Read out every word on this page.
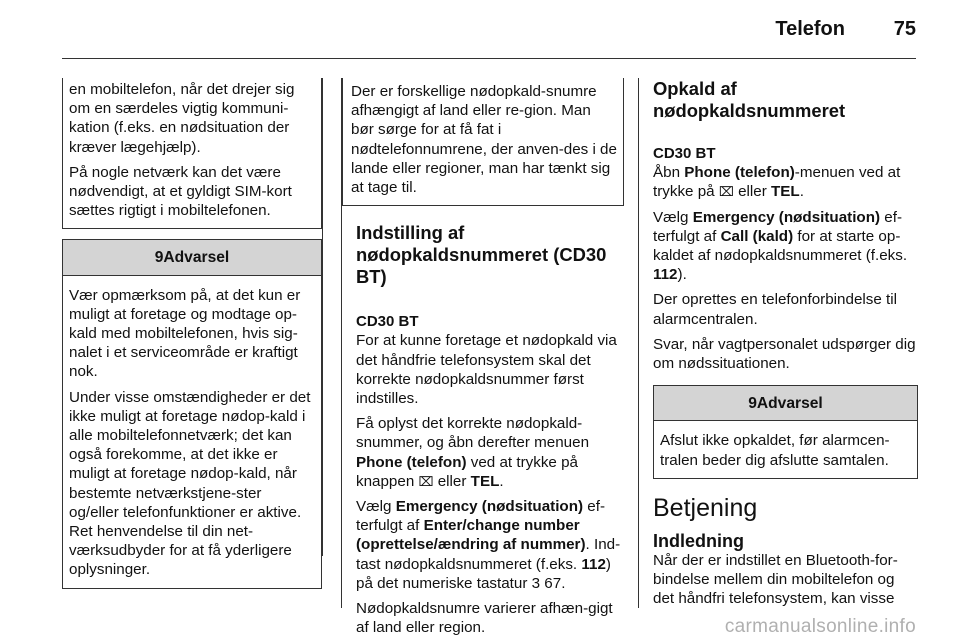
Telefon 75

en mobiltelefon, når det drejer sig
om en særdeles vigtig kommuni-
kation (f.eks. en nødsituation der
kræver lægehjælp).

På nogle netværk kan det være nødvendigt, at et gyldigt SIM-kort sættes rigtigt i mobiltelefonen.

9Advarsel

Vær opmærksom på, at det kun er muligt at foretage og modtage op-kald med mobiltelefonen, hvis sig-nalet i et serviceområde er kraftigt nok.

Under visse omstændigheder er det ikke muligt at foretage nødop-kald i alle mobiltelefonnetværk; det kan også forekomme, at det ikke er muligt at foretage nødop-kald, når bestemte netværkstjene-ster og/eller telefonfunktioner er aktive. Ret henvendelse til din net-værksudbyder for at få yderligere oplysninger.

Der er forskellige nødopkald-snumre afhængigt af land eller re-gion. Man bør sørge for at få fat i nødtelefonnumrene, der anven-des i de lande eller regioner, man har tænkt sig at tage til.

Indstilling af nødopkaldsnummeret (CD30 BT)
CD30 BT

For at kunne foretage et nødopkald via det håndfrie telefonsystem skal det korrekte nødopkaldsnummer først indstilles.

Få oplyst det korrekte nødopkald-snummer, og åbn derefter menuen Phone (telefon) ved at trykke på knappen ⌧ eller TEL.

Vælg Emergency (nødsituation) ef-terfulgt af Enter/change number (oprettelse/ændring af nummer). Ind-tast nødopkaldsnummeret (f.eks. 112) på det numeriske tastatur 3 67.

Nødopkaldsnumre varierer afhæn-gigt af land eller region.

Opkald af nødopkaldsnummeret
CD30 BT

Åbn Phone (telefon)-menuen ved at trykke på ⌧ eller TEL.

Vælg Emergency (nødsituation) ef-terfulgt af Call (kald) for at starte op-kaldet af nødopkaldsnummeret (f.eks. 112).

Der oprettes en telefonforbindelse til alarmcentralen.

Svar, når vagtpersonalet udspørger dig om nødssituationen.

9Advarsel

Afslut ikke opkaldet, før alarmcen-tralen beder dig afslutte samtalen.

Betjening
Indledning

Når der er indstillet en Bluetooth-for-bindelse mellem din mobiltelefon og det håndfri telefonsystem, kan visse

carmanualsonline.info
